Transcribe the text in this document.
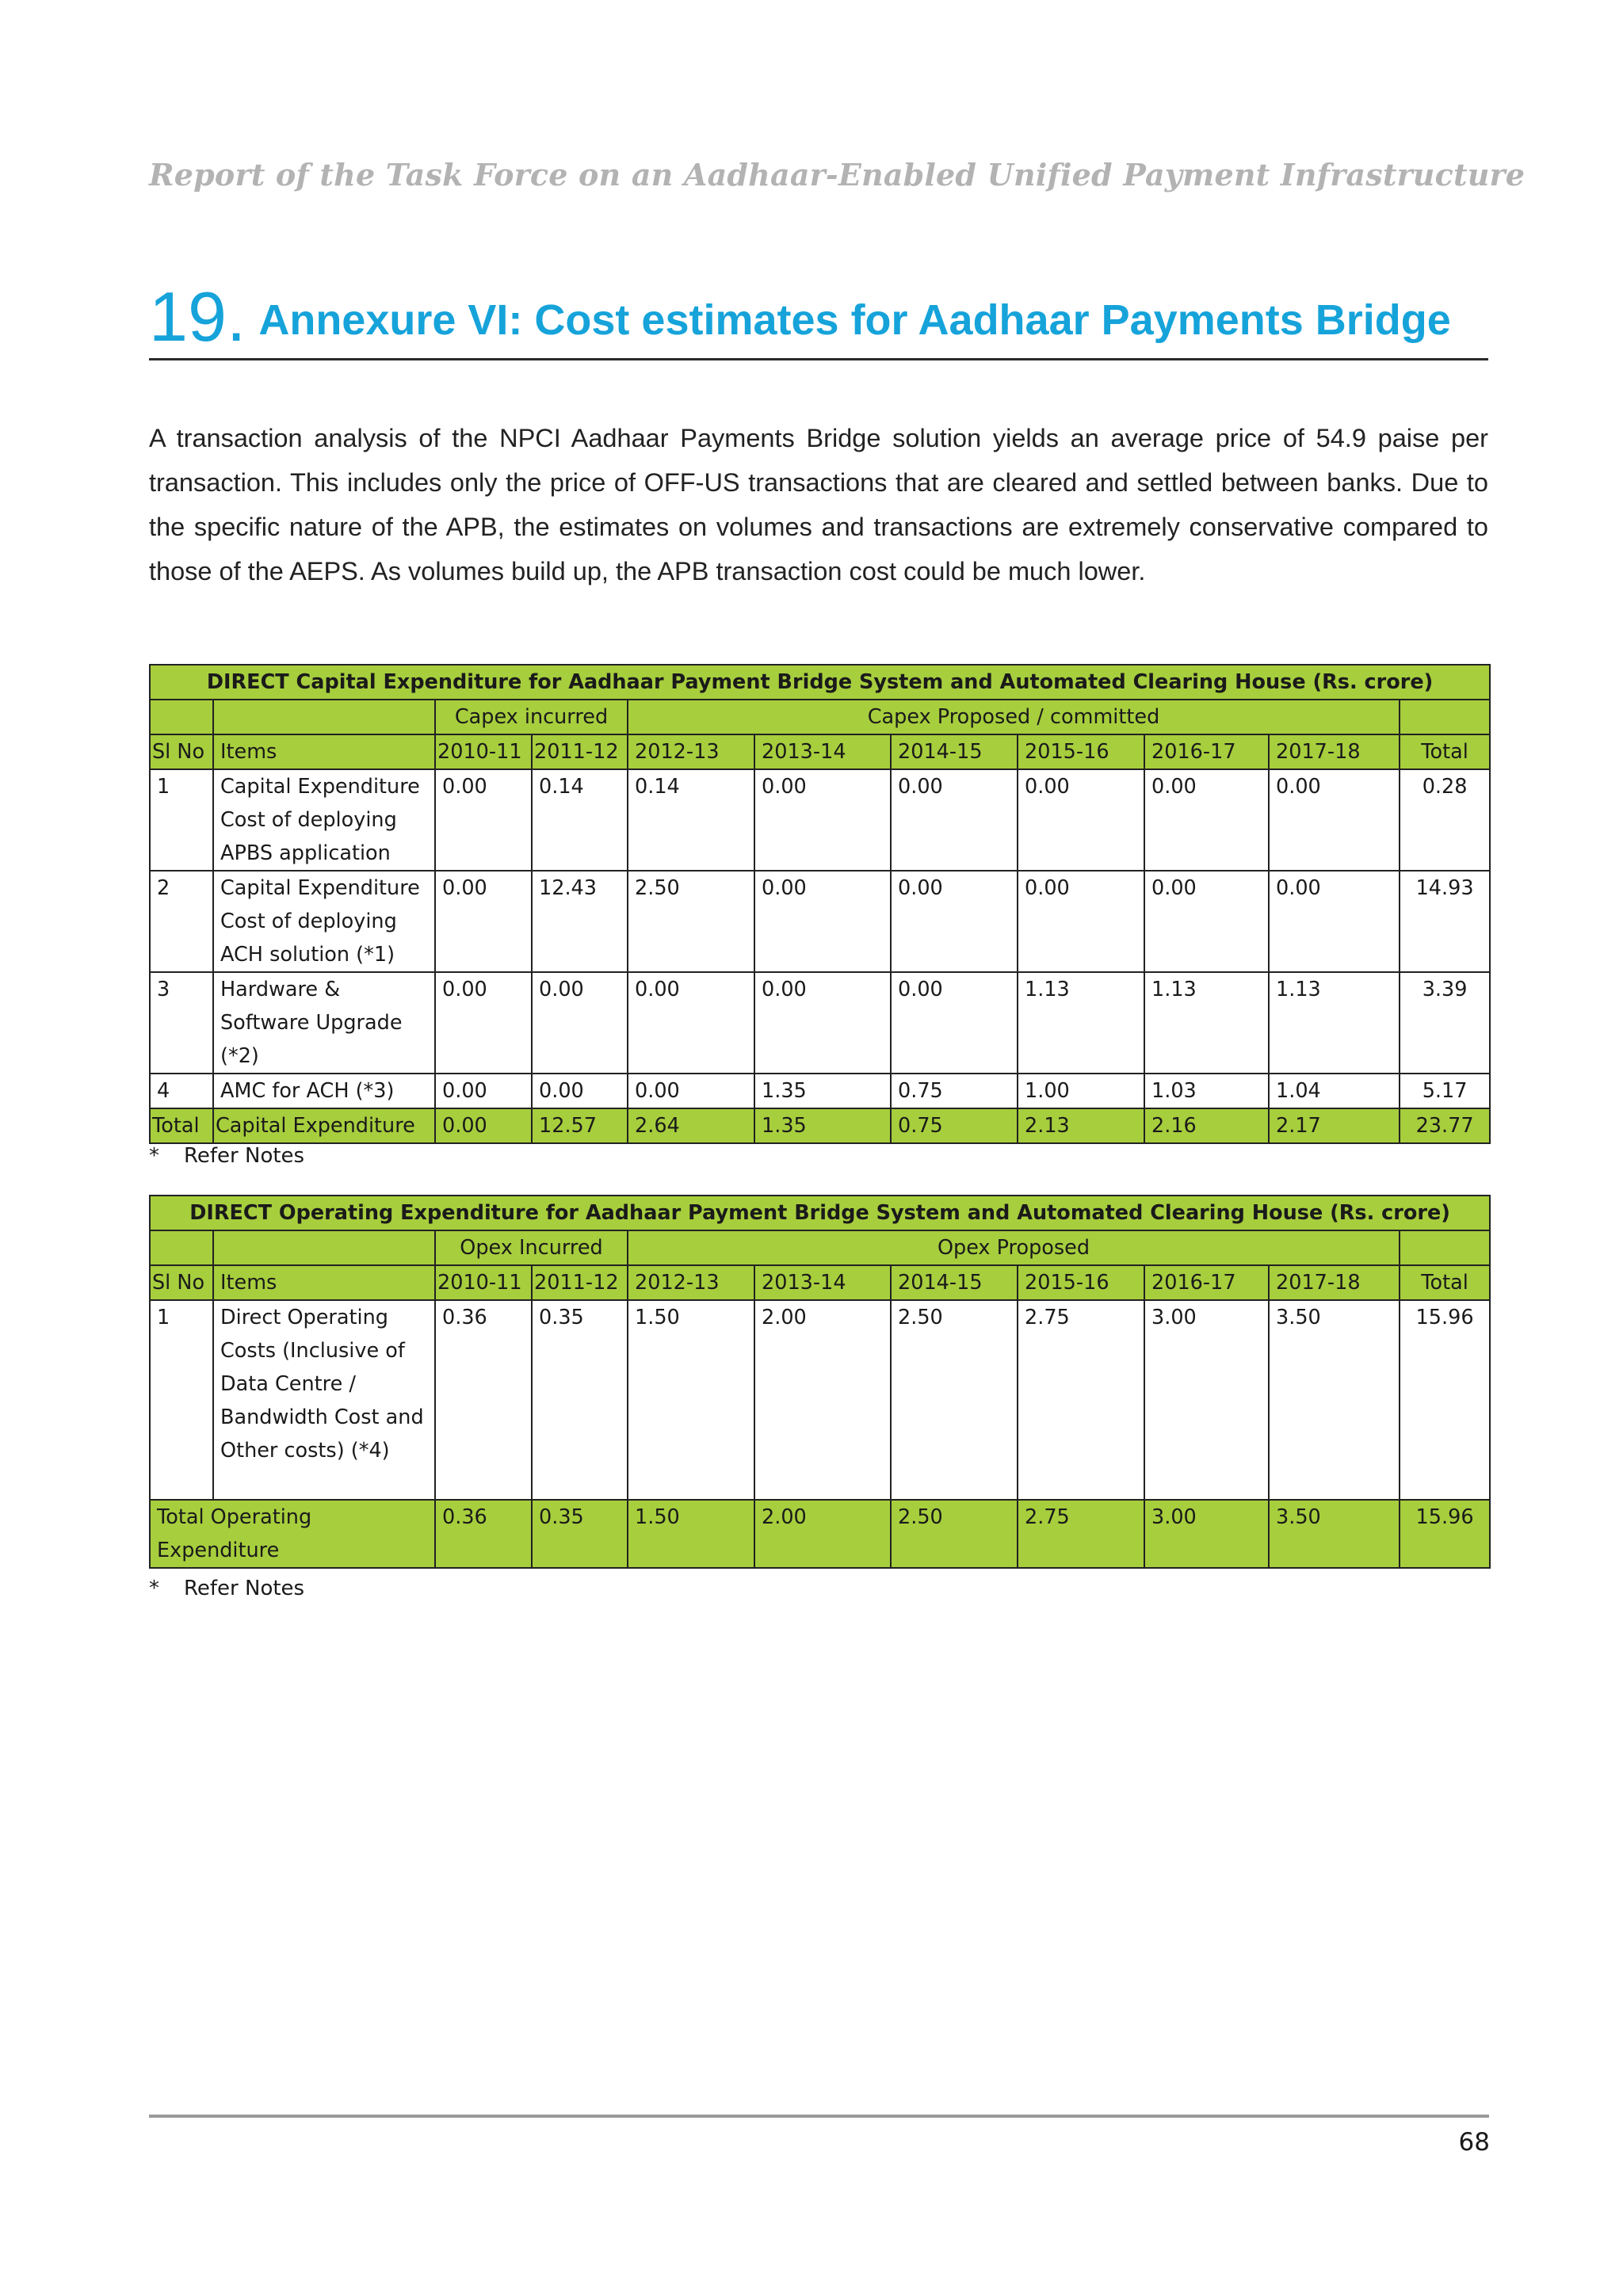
Report of the Task Force on an Aadhaar-Enabled Unified Payment Infrastructure
19. Annexure VI: Cost estimates for Aadhaar Payments Bridge

A transaction analysis of the NPCI Aadhaar Payments Bridge solution yields an average price of 54.9 paise per transaction. This includes only the price of OFF-US transactions that are cleared and settled between banks. Due to the specific nature of the APB, the estimates on volumes and transactions are extremely conservative compared to those of the AEPS. As volumes build up, the APB transaction cost could be much lower.

DIRECT Capital Expenditure for Aadhaar Payment Bridge System and Automated Clearing House (Rs. crore)										
		Capex incurred		Capex Proposed / committed						
Sl No	Items	2010-11	2011-12	2012-13	2013-14	2014-15	2015-16	2016-17	2017-18	Total
1	Capital Expenditure Cost of deploying APBS application	0.00	0.14	0.14	0.00	0.00	0.00	0.00	0.00	0.28
2	Capital Expenditure Cost of deploying ACH solution (*1)	0.00	12.43	2.50	0.00	0.00	0.00	0.00	0.00	14.93
3	Hardware & Software Upgrade (*2)	0.00	0.00	0.00	0.00	0.00	1.13	1.13	1.13	3.39
4	AMC for ACH (*3)	0.00	0.00	0.00	1.35	0.75	1.00	1.03	1.04	5.17
Total	Capital Expenditure	0.00	12.57	2.64	1.35	0.75	2.13	2.16	2.17	23.77
* Refer Notes
DIRECT Operating Expenditure for Aadhaar Payment Bridge System and Automated Clearing House (Rs. crore)										
		Opex Incurred		Opex Proposed						
Sl No	Items	2010-11	2011-12	2012-13	2013-14	2014-15	2015-16	2016-17	2017-18	Total
1	Direct Operating Costs (Inclusive of Data Centre / Bandwidth Cost and Other costs) (*4)	0.36	0.35	1.50	2.00	2.50	2.75	3.00	3.50	15.96
Total Operating Expenditure		0.36	0.35	1.50	2.00	2.50	2.75	3.00	3.50	15.96
* Refer Notes
68
